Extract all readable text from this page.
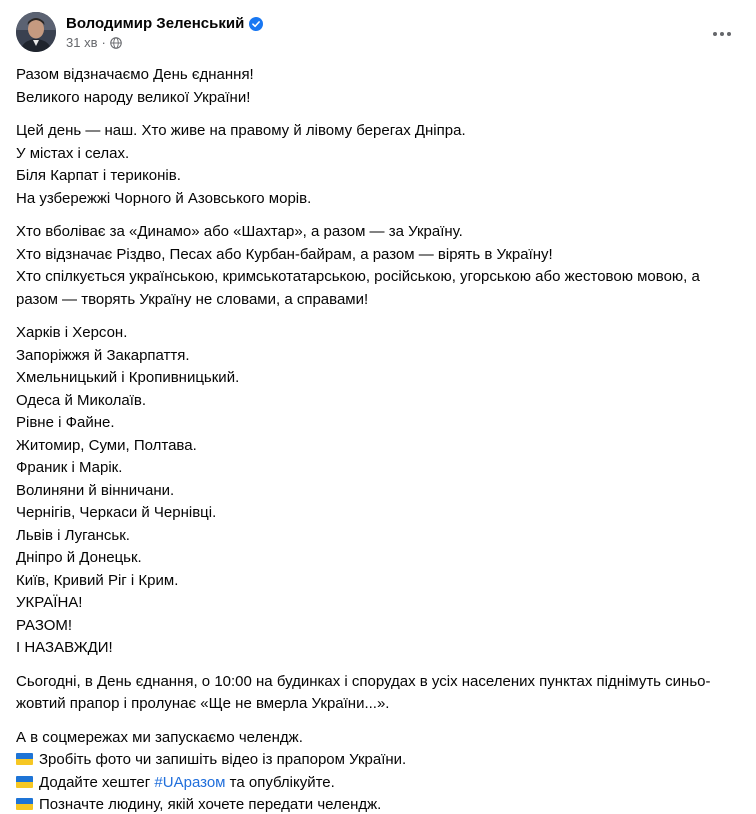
Володимир Зеленський
31 хв ·
Разом відзначаємо День єднання!
Великого народу великої України!
Цей день — наш. Хто живе на правому й лівому берегах Дніпра.
У містах і селах.
Біля Карпат і териконів.
На узбережжі Чорного й Азовського морів.
Хто вболіває за «Динамо» або «Шахтар», а разом — за Україну.
Хто відзначає Різдво, Песах або Курбан-байрам, а разом — вірять в Україну!
Хто спілкується українською, кримськотатарською, російською, угорською або жестовою мовою, а разом — творять Україну не словами, а справами!
Харків і Херсон.
Запоріжжя й Закарпаття.
Хмельницький і Кропивницький.
Одеса й Миколаїв.
Рівне і Файне.
Житомир, Суми, Полтава.
Франик і Марік.
Волиняни й вінничани.
Чернігів, Черкаси й Чернівці.
Львів і Луганськ.
Дніпро й Донецьк.
Київ, Кривий Ріг і Крим.
УКРАЇНА!
РАЗОМ!
І НАЗАВЖДИ!
Сьогодні, в День єднання, о 10:00 на будинках і спорудах в усіх населених пунктах піднімуть синьо-жовтий прапор і пролунає «Ще не вмерла України...».
А в соцмережах ми запускаємо челендж.
Зробіть фото чи запишіть відео із прапором України.
Додайте хештег #UAразом та опублікуйте.
Позначте людину, якій хочете передати челендж.
